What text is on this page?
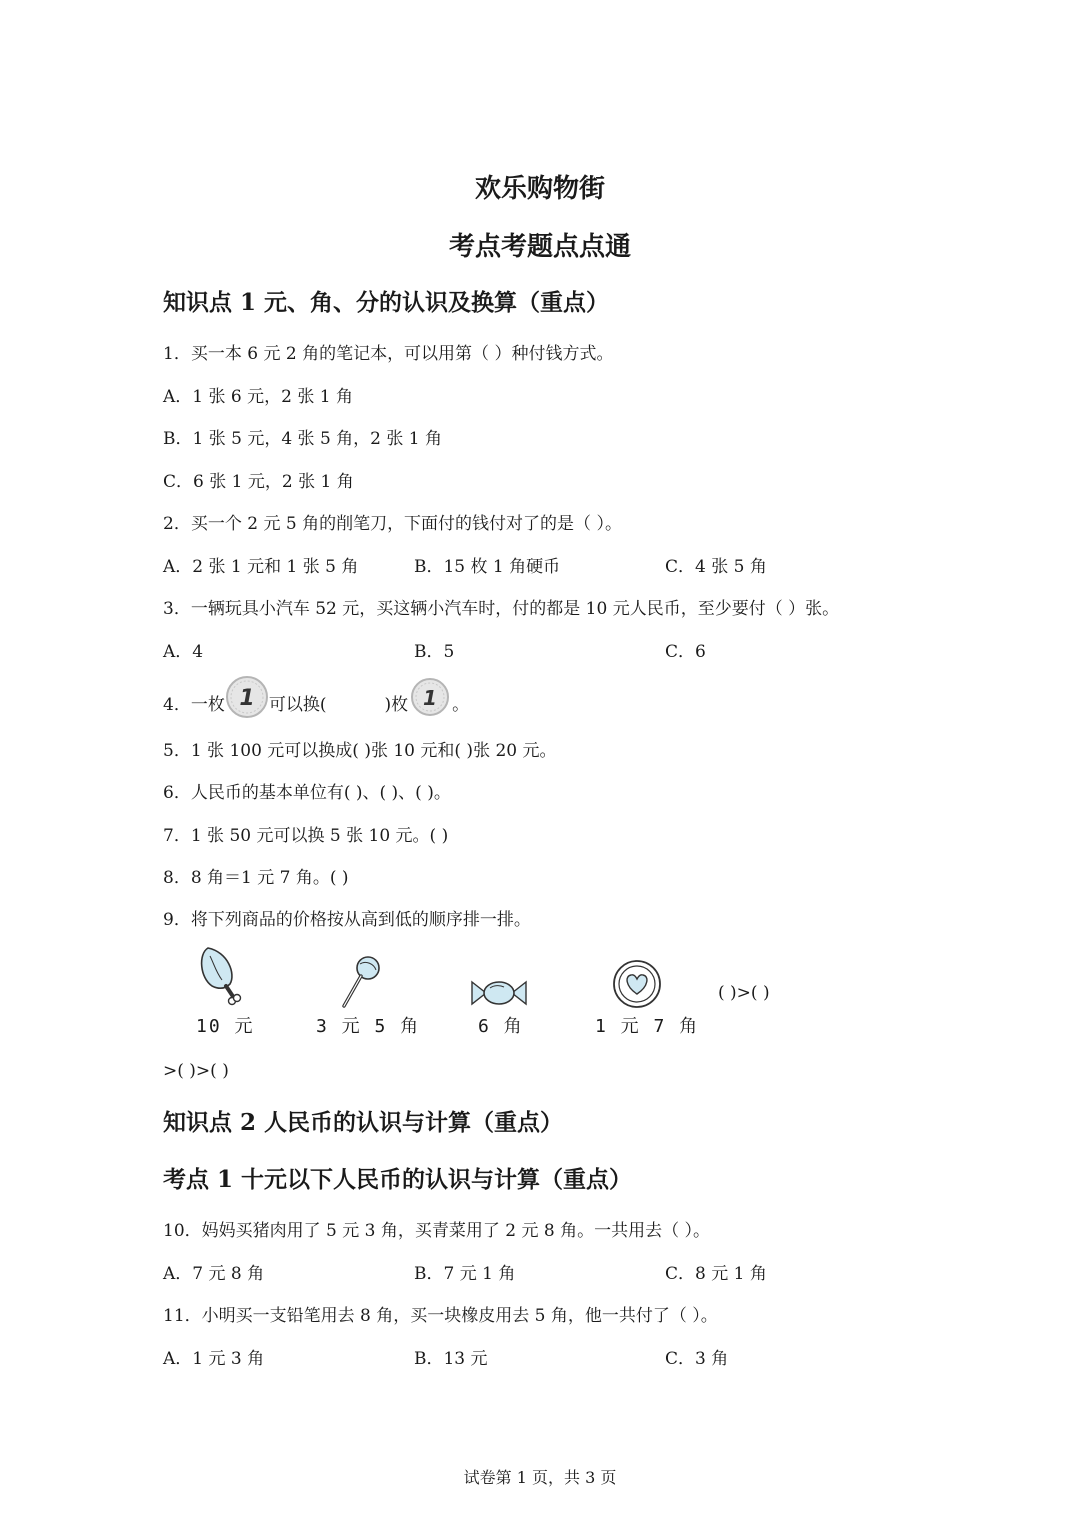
欢乐购物街
考点考题点点通
知识点 1 元、角、分的认识及换算（重点）
1．买一本 6 元 2 角的笔记本，可以用第（ ）种付钱方式。
A．1 张 6 元，2 张 1 角
B．1 张 5 元，4 张 5 角，2 张 1 角
C．6 张 1 元，2 张 1 角
2．买一个 2 元 5 角的削笔刀，下面付的钱付对了的是（ ）。
A．2 张 1 元和 1 张 5 角	B．15 枚 1 角硬币	C．4 张 5 角
3．一辆玩具小汽车 52 元，买这辆小汽车时，付的都是 10 元人民币，至少要付（ ）张。
A．4	B．5	C．6
4．一枚 1 可以换(	)枚 1 。
5．1 张 100 元可以换成( )张 10 元和( )张 20 元。
6．人民币的基本单位有( )、( )、( )。
7．1 张 50 元可以换 5 张 10 元。( )
8．8 角＝1 元 7 角。( )
9．将下列商品的价格按从高到低的顺序排一排。
10 元	3 元 5 角	6 角	1 元 7 角
( )>( )
>( )>( )
知识点 2 人民币的认识与计算（重点）
考点 1 十元以下人民币的认识与计算（重点）
10．妈妈买猪肉用了 5 元 3 角，买青菜用了 2 元 8 角。一共用去（ ）。
A．7 元 8 角	B．7 元 1 角	C．8 元 1 角
11．小明买一支铅笔用去 8 角，买一块橡皮用去 5 角，他一共付了（ ）。
A．1 元 3 角	B．13 元	C．3 角
试卷第 1 页，共 3 页
